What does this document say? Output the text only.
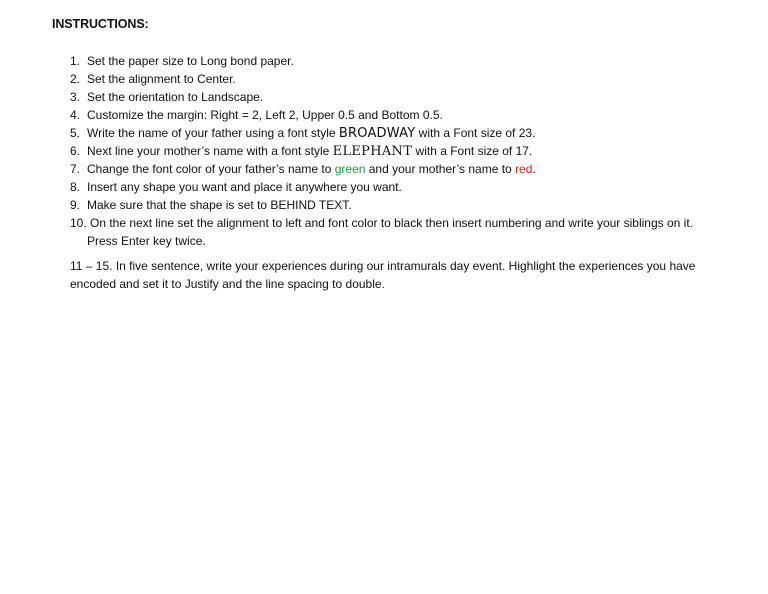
INSTRUCTIONS:
1. Set the paper size to Long bond paper.
2. Set the alignment to Center.
3. Set the orientation to Landscape.
4. Customize the margin: Right = 2, Left 2, Upper 0.5 and Bottom 0.5.
5. Write the name of your father using a font style BROADWAY with a Font size of 23.
6. Next line your mother’s name with a font style ELEPHANT with a Font size of 17.
7. Change the font color of your father’s name to green and your mother’s name to red.
8. Insert any shape you want and place it anywhere you want.
9. Make sure that the shape is set to BEHIND TEXT.
10. On the next line set the alignment to left and font color to black then insert numbering and write your siblings on it.
Press Enter key twice.
11 – 15. In five sentence, write your experiences during our intramurals day event. Highlight the experiences you have encoded and set it to Justify and the line spacing to double.
